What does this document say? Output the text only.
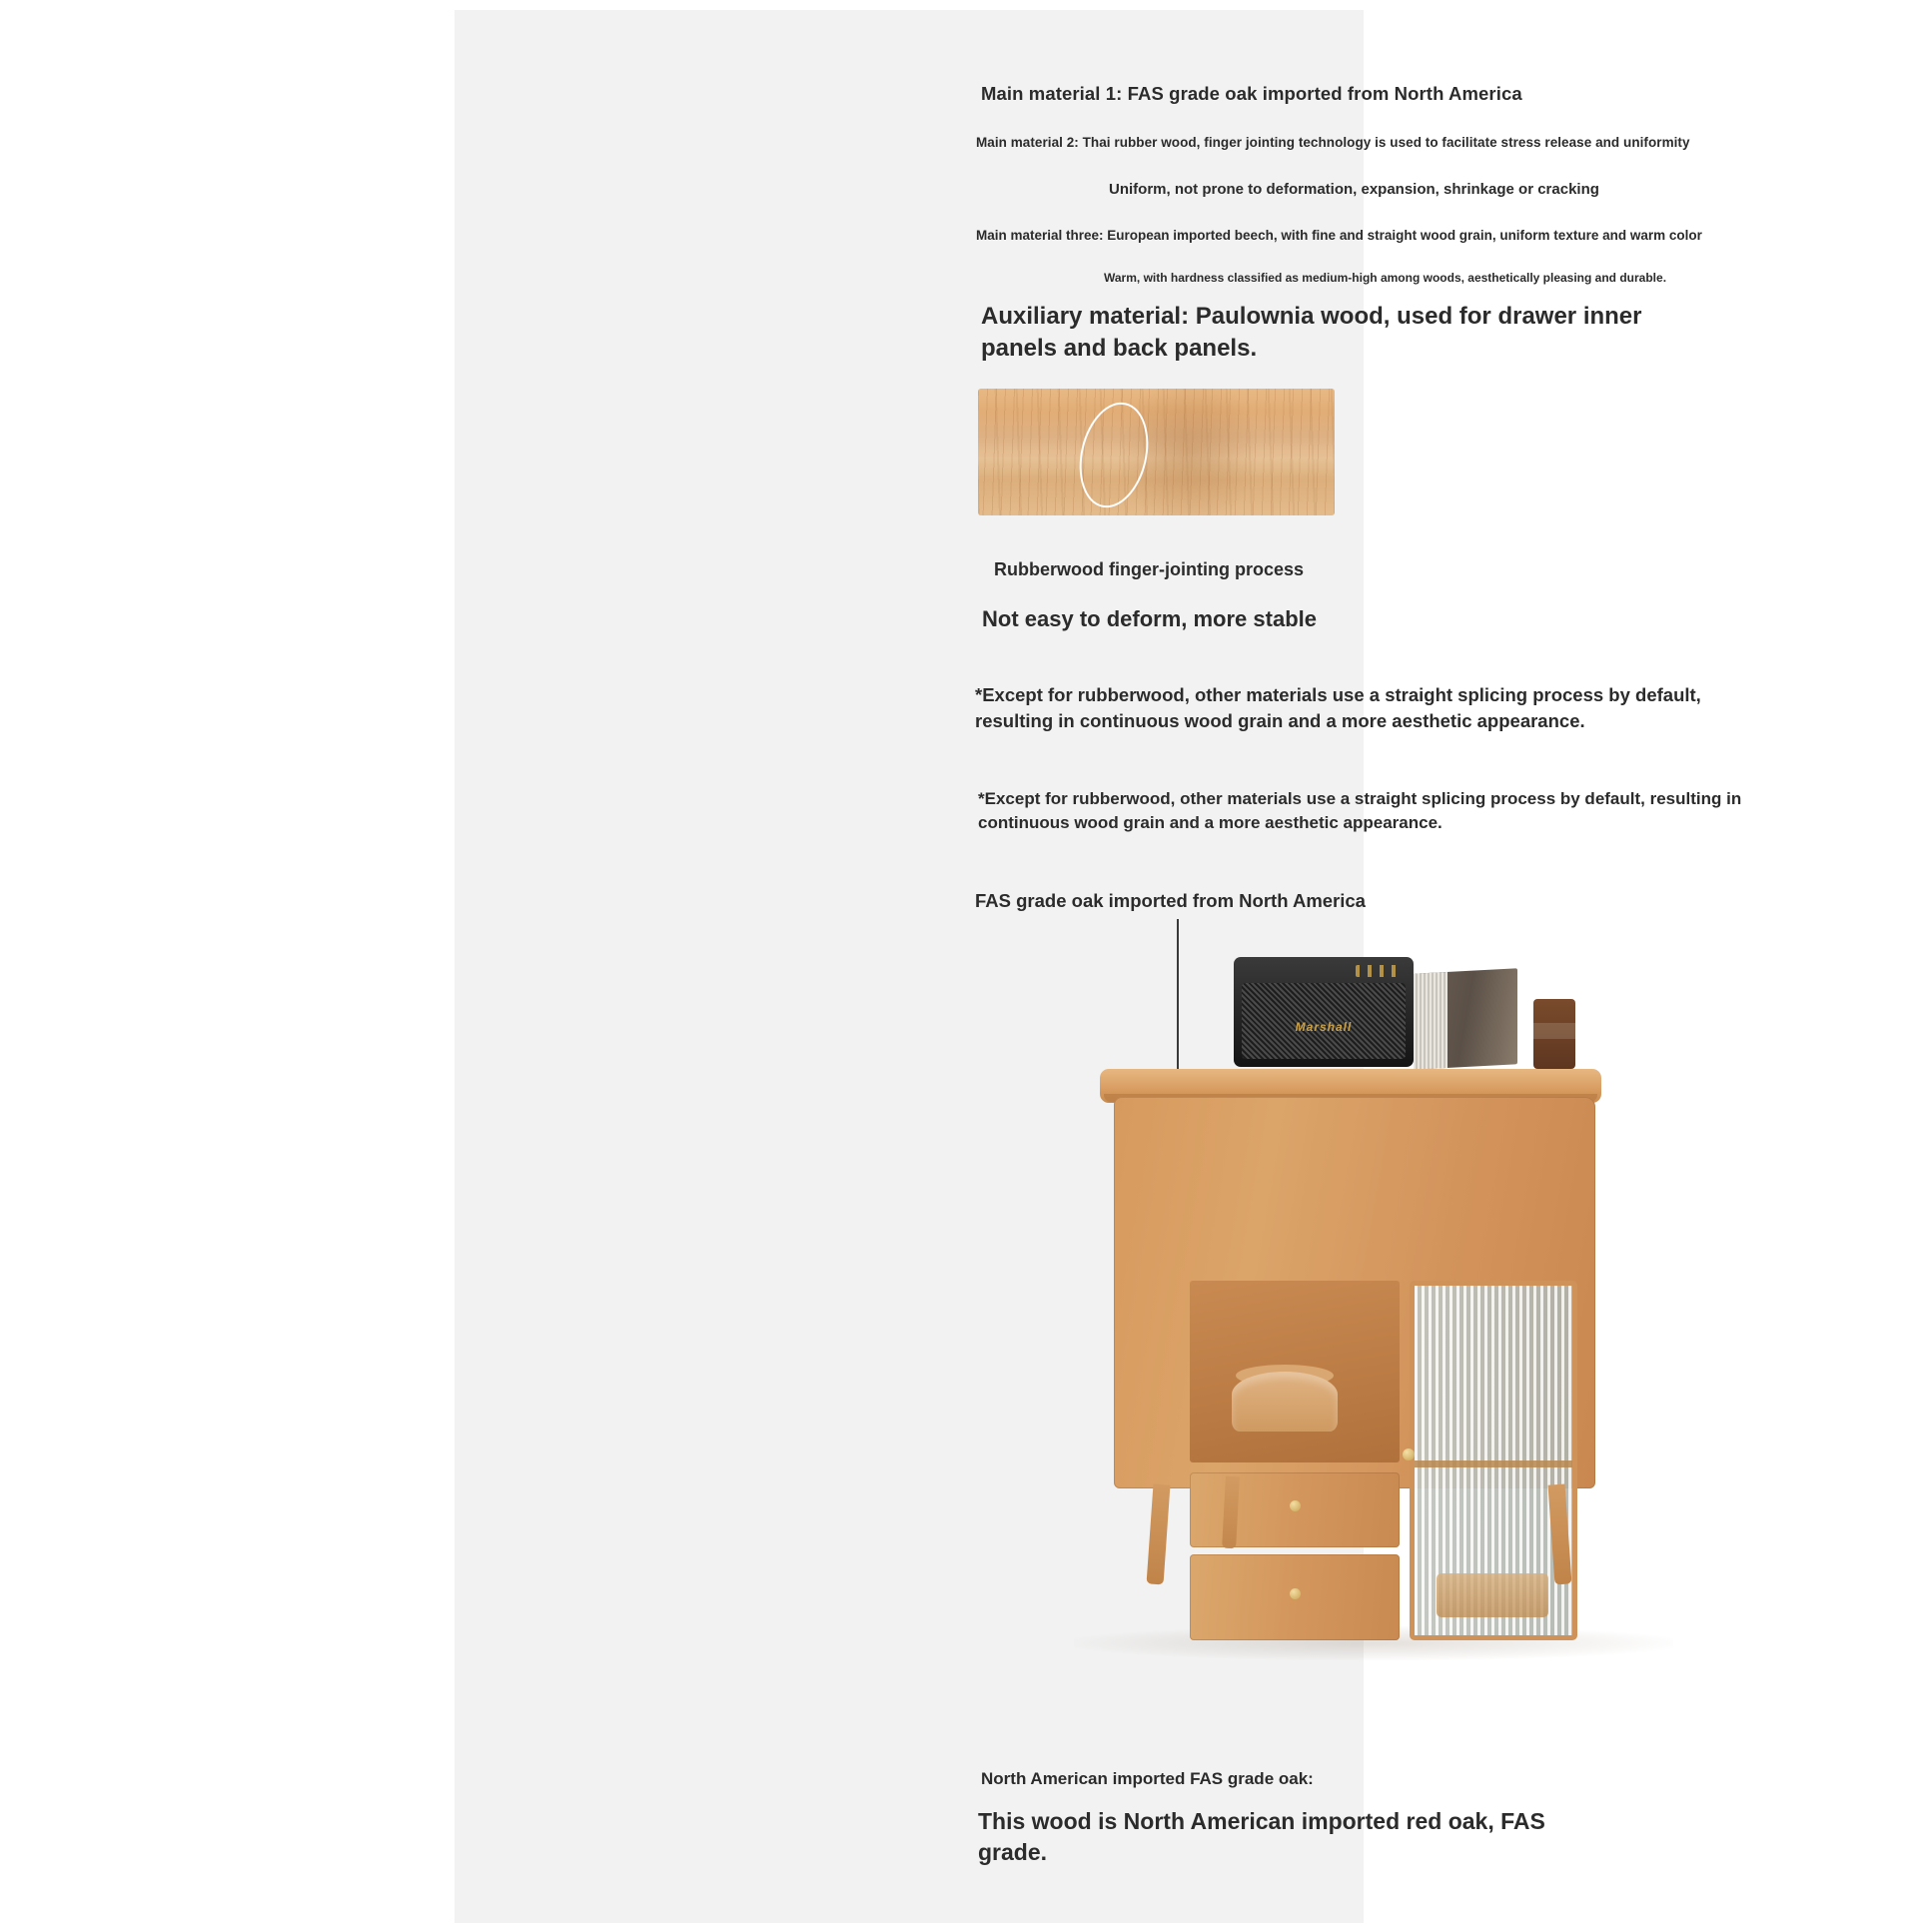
Main material 1: FAS grade oak imported from North America
Main material 2: Thai rubber wood, finger jointing technology is used to facilitate stress release and uniformity
Uniform, not prone to deformation, expansion, shrinkage or cracking
Main material three: European imported beech, with fine and straight wood grain, uniform texture and warm color
Warm, with hardness classified as medium-high among woods, aesthetically pleasing and durable.
Auxiliary material: Paulownia wood, used for drawer inner panels and back panels.
Rubberwood finger-jointing process
Not easy to deform, more stable
*Except for rubberwood, other materials use a straight splicing process by default, resulting in continuous wood grain and a more aesthetic appearance.
*Except for rubberwood, other materials use a straight splicing process by default, resulting in continuous wood grain and a more aesthetic appearance.
FAS grade oak imported from North America
Marshall
North American imported FAS grade oak:
This wood is North American imported red oak, FAS grade.
